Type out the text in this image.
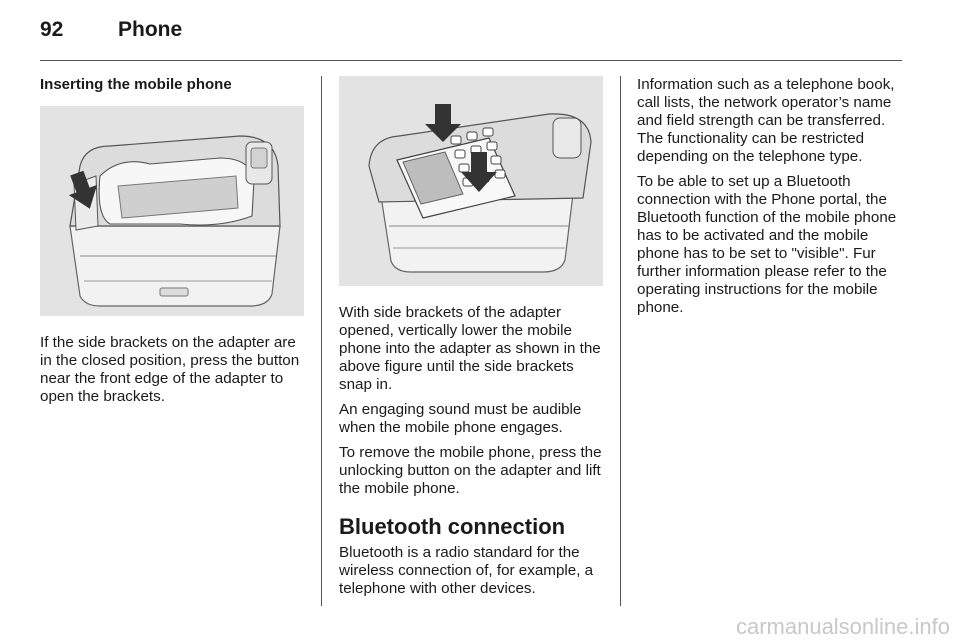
92	Phone
Inserting the mobile phone

If the side brackets on the adapter are in the closed position, press the button near the front edge of the adapter to open the brackets.

With side brackets of the adapter opened, vertically lower the mobile phone into the adapter as shown in the above figure until the side brackets snap in.

An engaging sound must be audible when the mobile phone engages.

To remove the mobile phone, press the unlocking button on the adapter and lift the mobile phone.

Bluetooth connection

Bluetooth is a radio standard for the wireless connection of, for example, a telephone with other devices.

Information such as a telephone book, call lists, the network operator’s name and field strength can be transferred. The functionality can be restricted depending on the telephone type.

To be able to set up a Bluetooth connection with the Phone portal, the Bluetooth function of the mobile phone has to be activated and the mobile phone has to be set to "visible". Fur further information please refer to the operating instructions for the mobile phone.

carmanualsonline.info
